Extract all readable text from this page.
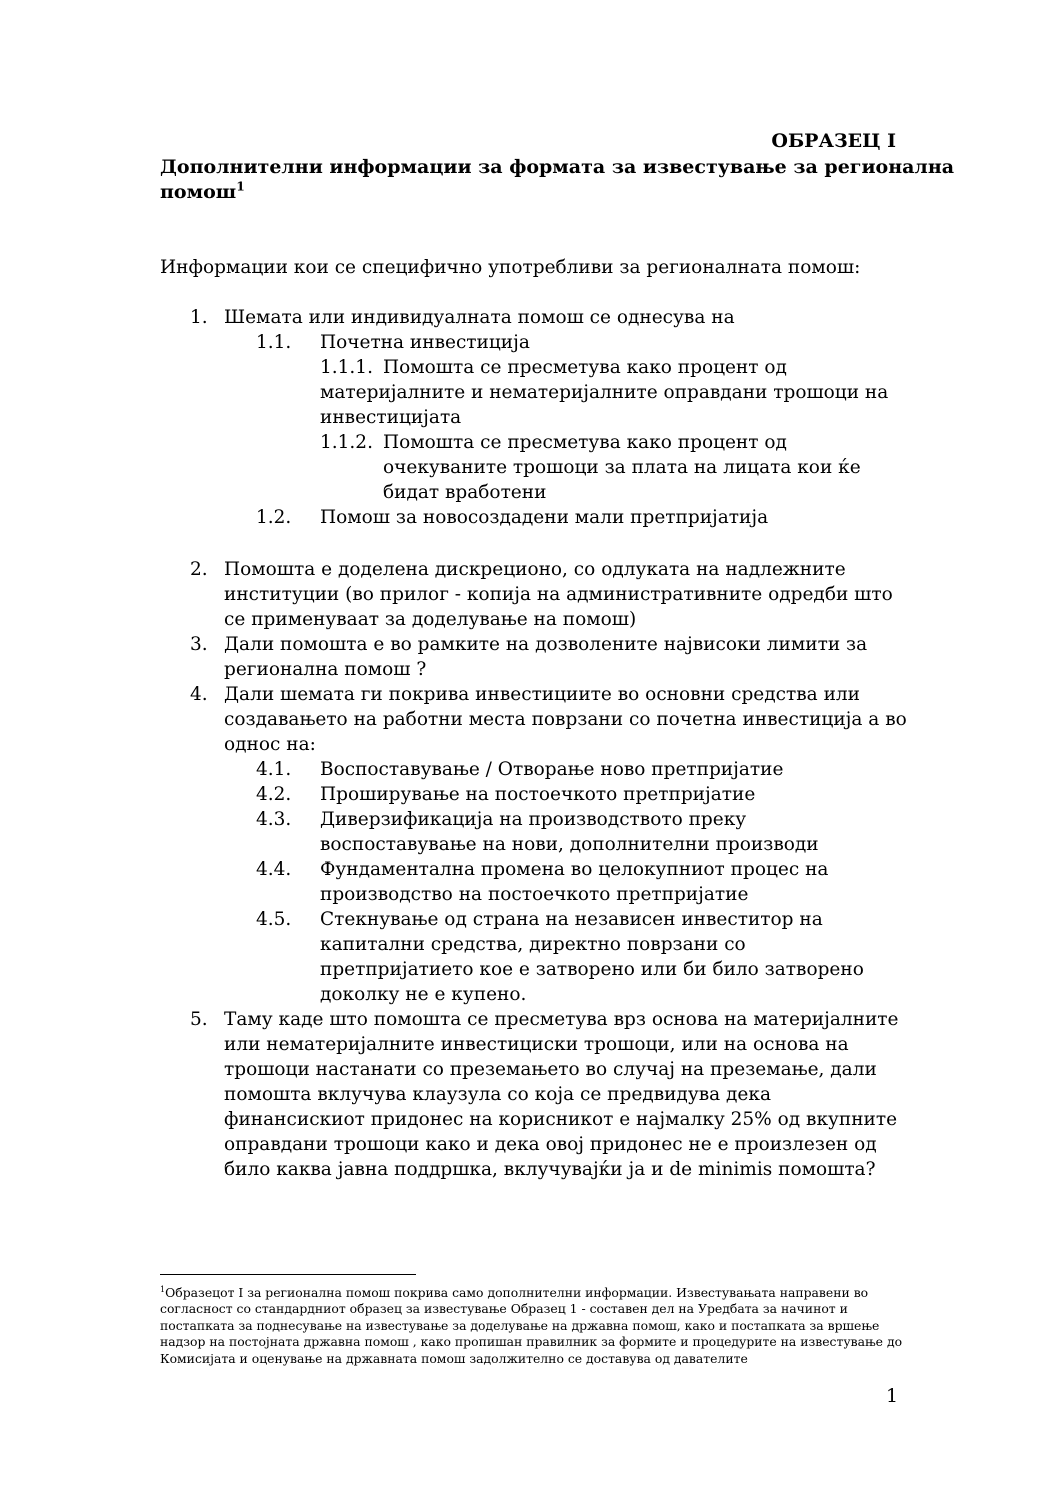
ОБРАЗЕЦ I
Дополнителни информации за формата за известување за регионална
помош$^1$
Информации кои се специфично употребливи за регионалната помош:
1. Шемата или индивидуалната помош се однесува на
1.1. Почетна инвестиција
1.1.1. Помошта се пресметува како процент од
материјалните и нематеријалните оправдани трошоци на
инвестицијата
1.1.2. Помошта се пресметува како процент од
очекуваните трошоци за плата на лицата кои ќе
бидат вработени
1.2. Помош за новосоздадени мали претпријатија
2. Помошта е доделена дискреционо, со одлуката на надлежните
институции (во прилог - копија на административните одредби што
се применуваат за доделување на помош)
3. Дали помошта е во рамките на дозволените највисоки лимити за
регионална помош ?
4. Дали шемата ги покрива инвестициите во основни средства или
создавањето на работни места поврзани со почетна инвестиција а во
однос на:
4.1. Воспоставување / Отворање ново претпријатие
4.2. Проширување на постоечкото претпријатие
4.3. Диверзификација на производството преку
воспоставување на нови, дополнителни производи
4.4. Фундаментална промена во целокупниот процес на
производство на постоечкото претпријатие
4.5. Стекнување од страна на независен инвеститор на
капитални средства, директно поврзани со
претпријатието кое е затворено или би било затворено
доколку не е купено.
5. Таму каде што помошта се пресметува врз основа на материјалните
или нематеријалните инвестициски трошоци, или на основа на
трошоци настанати со преземањето во случај на преземање, дали
помошта вклучува клаузула со која се предвидува дека
финансискиот придонес на корисникот е најмалку 25% од вкупните
оправдани трошоци како и дека овој придонес не е произлезен од
било каква јавна поддршка, вклучувајќи ја и de minimis помошта?
$^1$Образецот I за регионална помош покрива само дополнителни информации. Известувањата направени во
согласност со стандардниот образец за известување Образец 1 - составен дел на Уредбата за начинот и
постапката за поднесување на известување за доделување на државна помош, како и постапката за вршење
надзор на постојната државна помош , како пропишан правилник за формите и процедурите на известување до
Комисијата и оценување на државната помош задолжително се доставува од давателите
1
